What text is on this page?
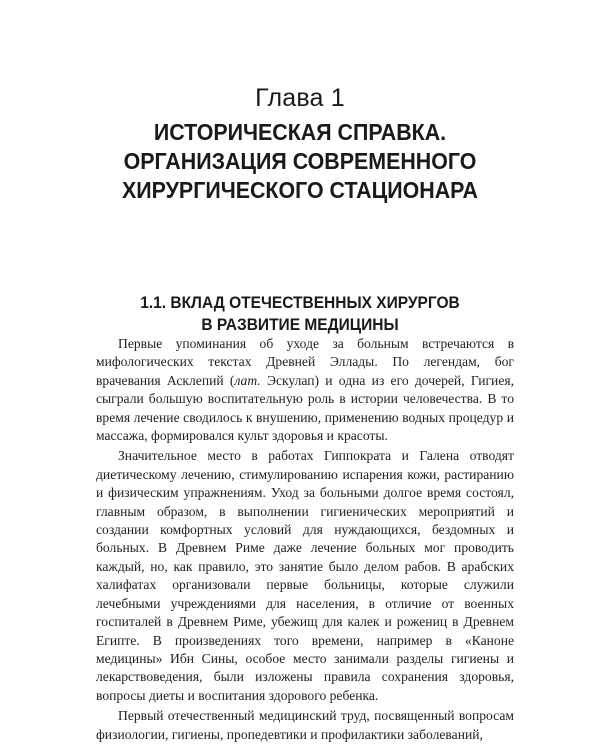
Глава 1
ИСТОРИЧЕСКАЯ СПРАВКА.
ОРГАНИЗАЦИЯ СОВРЕМЕННОГО
ХИРУРГИЧЕСКОГО СТАЦИОНАРА
1.1. ВКЛАД ОТЕЧЕСТВЕННЫХ ХИРУРГОВ
В РАЗВИТИЕ МЕДИЦИНЫ

Первые упоминания об уходе за больным встречаются в мифологических текстах Древней Эллады. По легендам, бог врачевания Асклепий (лат. Эскулап) и одна из его дочерей, Гигиея, сыграли большую воспитательную роль в истории человечества. В то время лечение сводилось к внушению, применению водных процедур и массажа, формировался культ здоровья и красоты.

Значительное место в работах Гиппократа и Галена отводят диетическому лечению, стимулированию испарения кожи, растиранию и физическим упражнениям. Уход за больными долгое время состоял, главным образом, в выполнении гигиенических мероприятий и создании комфортных условий для нуждающихся, бездомных и больных. В Древнем Риме даже лечение больных мог проводить каждый, но, как правило, это занятие было делом рабов. В арабских халифатах организовали первые больницы, которые служили лечебными учреждениями для населения, в отличие от военных госпиталей в Древнем Риме, убежищ для калек и рожениц в Древнем Египте. В произведениях того времени, например в «Каноне медицины» Ибн Сины, особое место занимали разделы гигиены и лекарствоведения, были изложены правила сохранения здоровья, вопросы диеты и воспитания здорового ребенка.

Первый отечественный медицинский труд, посвященный вопросам физиологии, гигиены, пропедевтики и профилактики заболеваний,
